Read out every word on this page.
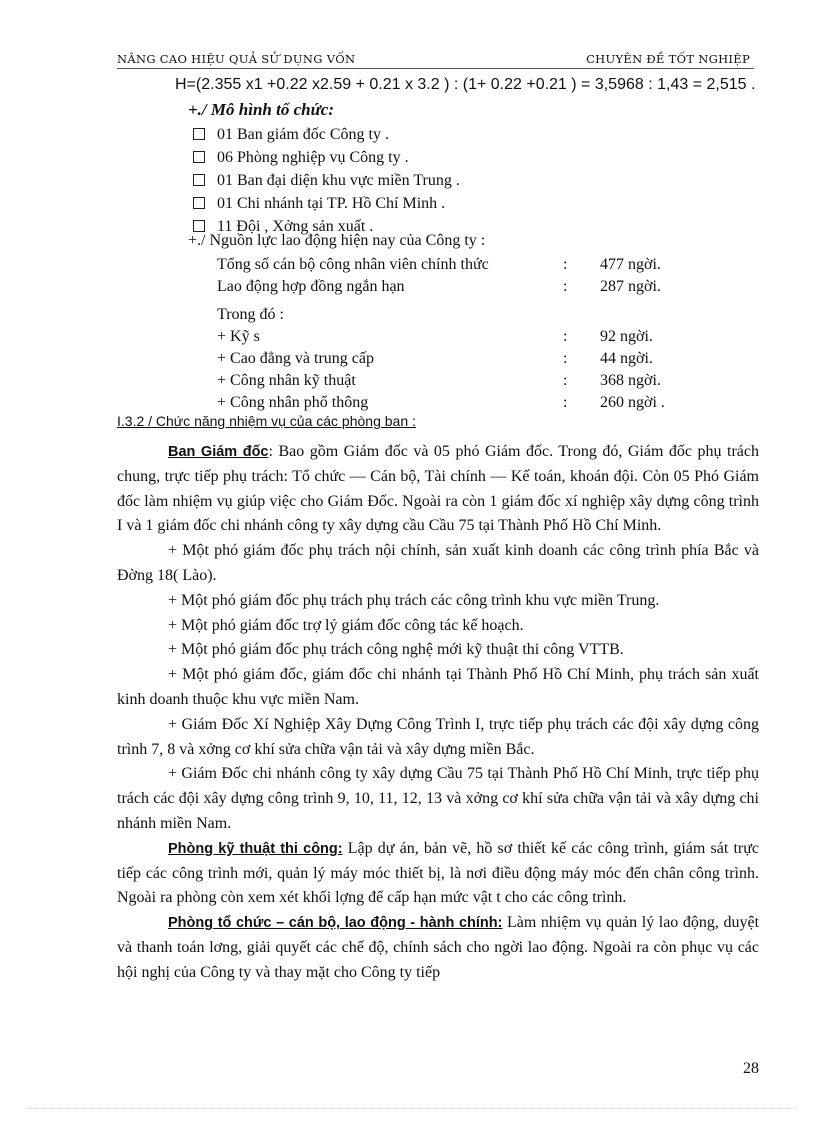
NÂNG CAO HIỆU QUẢ SỬ DỤNG VỐN	CHUYÊN ĐỀ TỐT NGHIỆP
H=(2.355 x1 +0.22 x2.59 + 0.21 x 3.2 ) : (1+ 0.22 +0.21 ) = 3,5968 : 1,43 = 2,515 .
+./ Mô hình tổ chức:
01 Ban giám đốc Công ty .
06 Phòng nghiệp vụ Công ty .
01 Ban đại diện khu vực miền Trung .
01 Chi nhánh tại TP. Hồ Chí Minh .
11 Đội , Xởng sản xuất .
+./ Nguồn lực lao động hiện nay của Công ty :
Tổng số cán bộ công nhân viên chính thức	: 477 ngời.
Lao động hợp đồng ngắn hạn	: 287 ngời.
Trong đó :
+ Kỹ s	: 92 ngời.
+ Cao đẳng và trung cấp	: 44 ngời.
+ Công nhân kỹ thuật	: 368 ngời.
+ Công nhân phổ thông	: 260 ngời .
I.3.2 / Chức năng nhiệm vụ của các phòng ban :

Ban Giám đốc: Bao gồm Giám đốc và 05 phó Giám đốc. Trong đó, Giám đốc phụ trách chung, trực tiếp phụ trách: Tổ chức — Cán bộ, Tài chính — Kế toán, khoán đội. Còn 05 Phó Giám đốc làm nhiệm vụ giúp việc cho Giám Đốc. Ngoài ra còn 1 giám đốc xí nghiệp xây dựng công trình I và 1 giám đốc chi nhánh công ty xây dựng cầu Cầu 75 tại Thành Phố Hồ Chí Minh.

+ Một phó giám đốc phụ trách nội chính, sản xuất kinh doanh các công trình phía Bắc và Đờng 18( Lào).

+ Một phó giám đốc phụ trách phụ trách các công trình khu vực miền Trung.

+ Một phó giám đốc trợ lý giám đốc công tác kế hoạch.

+ Một phó giám đốc phụ trách công nghệ mới kỹ thuật thi công VTTB.

+ Một phó giám đốc, giám đốc chi nhánh tại Thành Phố Hồ Chí Minh, phụ trách sản xuất kinh doanh thuộc khu vực miền Nam.

+ Giám Đốc Xí Nghiệp Xây Dựng Công Trình I, trực tiếp phụ trách các đội xây dựng công trình 7, 8 và xởng cơ khí sửa chữa vận tải và xây dựng miền Bắc.

+ Giám Đốc chi nhánh công ty xây dựng Cầu 75 tại Thành Phố Hồ Chí Minh, trực tiếp phụ trách các đội xây dựng công trình 9, 10, 11, 12, 13 và xởng cơ khí sửa chữa vận tải và xây dựng chi nhánh miền Nam.

Phòng kỹ thuật thi công: Lập dự án, bản vẽ, hồ sơ thiết kế các công trình, giám sát trực tiếp các công trình mới, quản lý máy móc thiết bị, là nơi điều động máy móc đến chân công trình. Ngoài ra phòng còn xem xét khối lợng để cấp hạn mức vật t cho các công trình.

Phòng tổ chức – cán bộ, lao động - hành chính: Làm nhiệm vụ quản lý lao động, duyệt và thanh toán lơng, giải quyết các chế độ, chính sách cho ngời lao động. Ngoài ra còn phục vụ các hội nghị của Công ty và thay mặt cho Công ty tiếp

28
